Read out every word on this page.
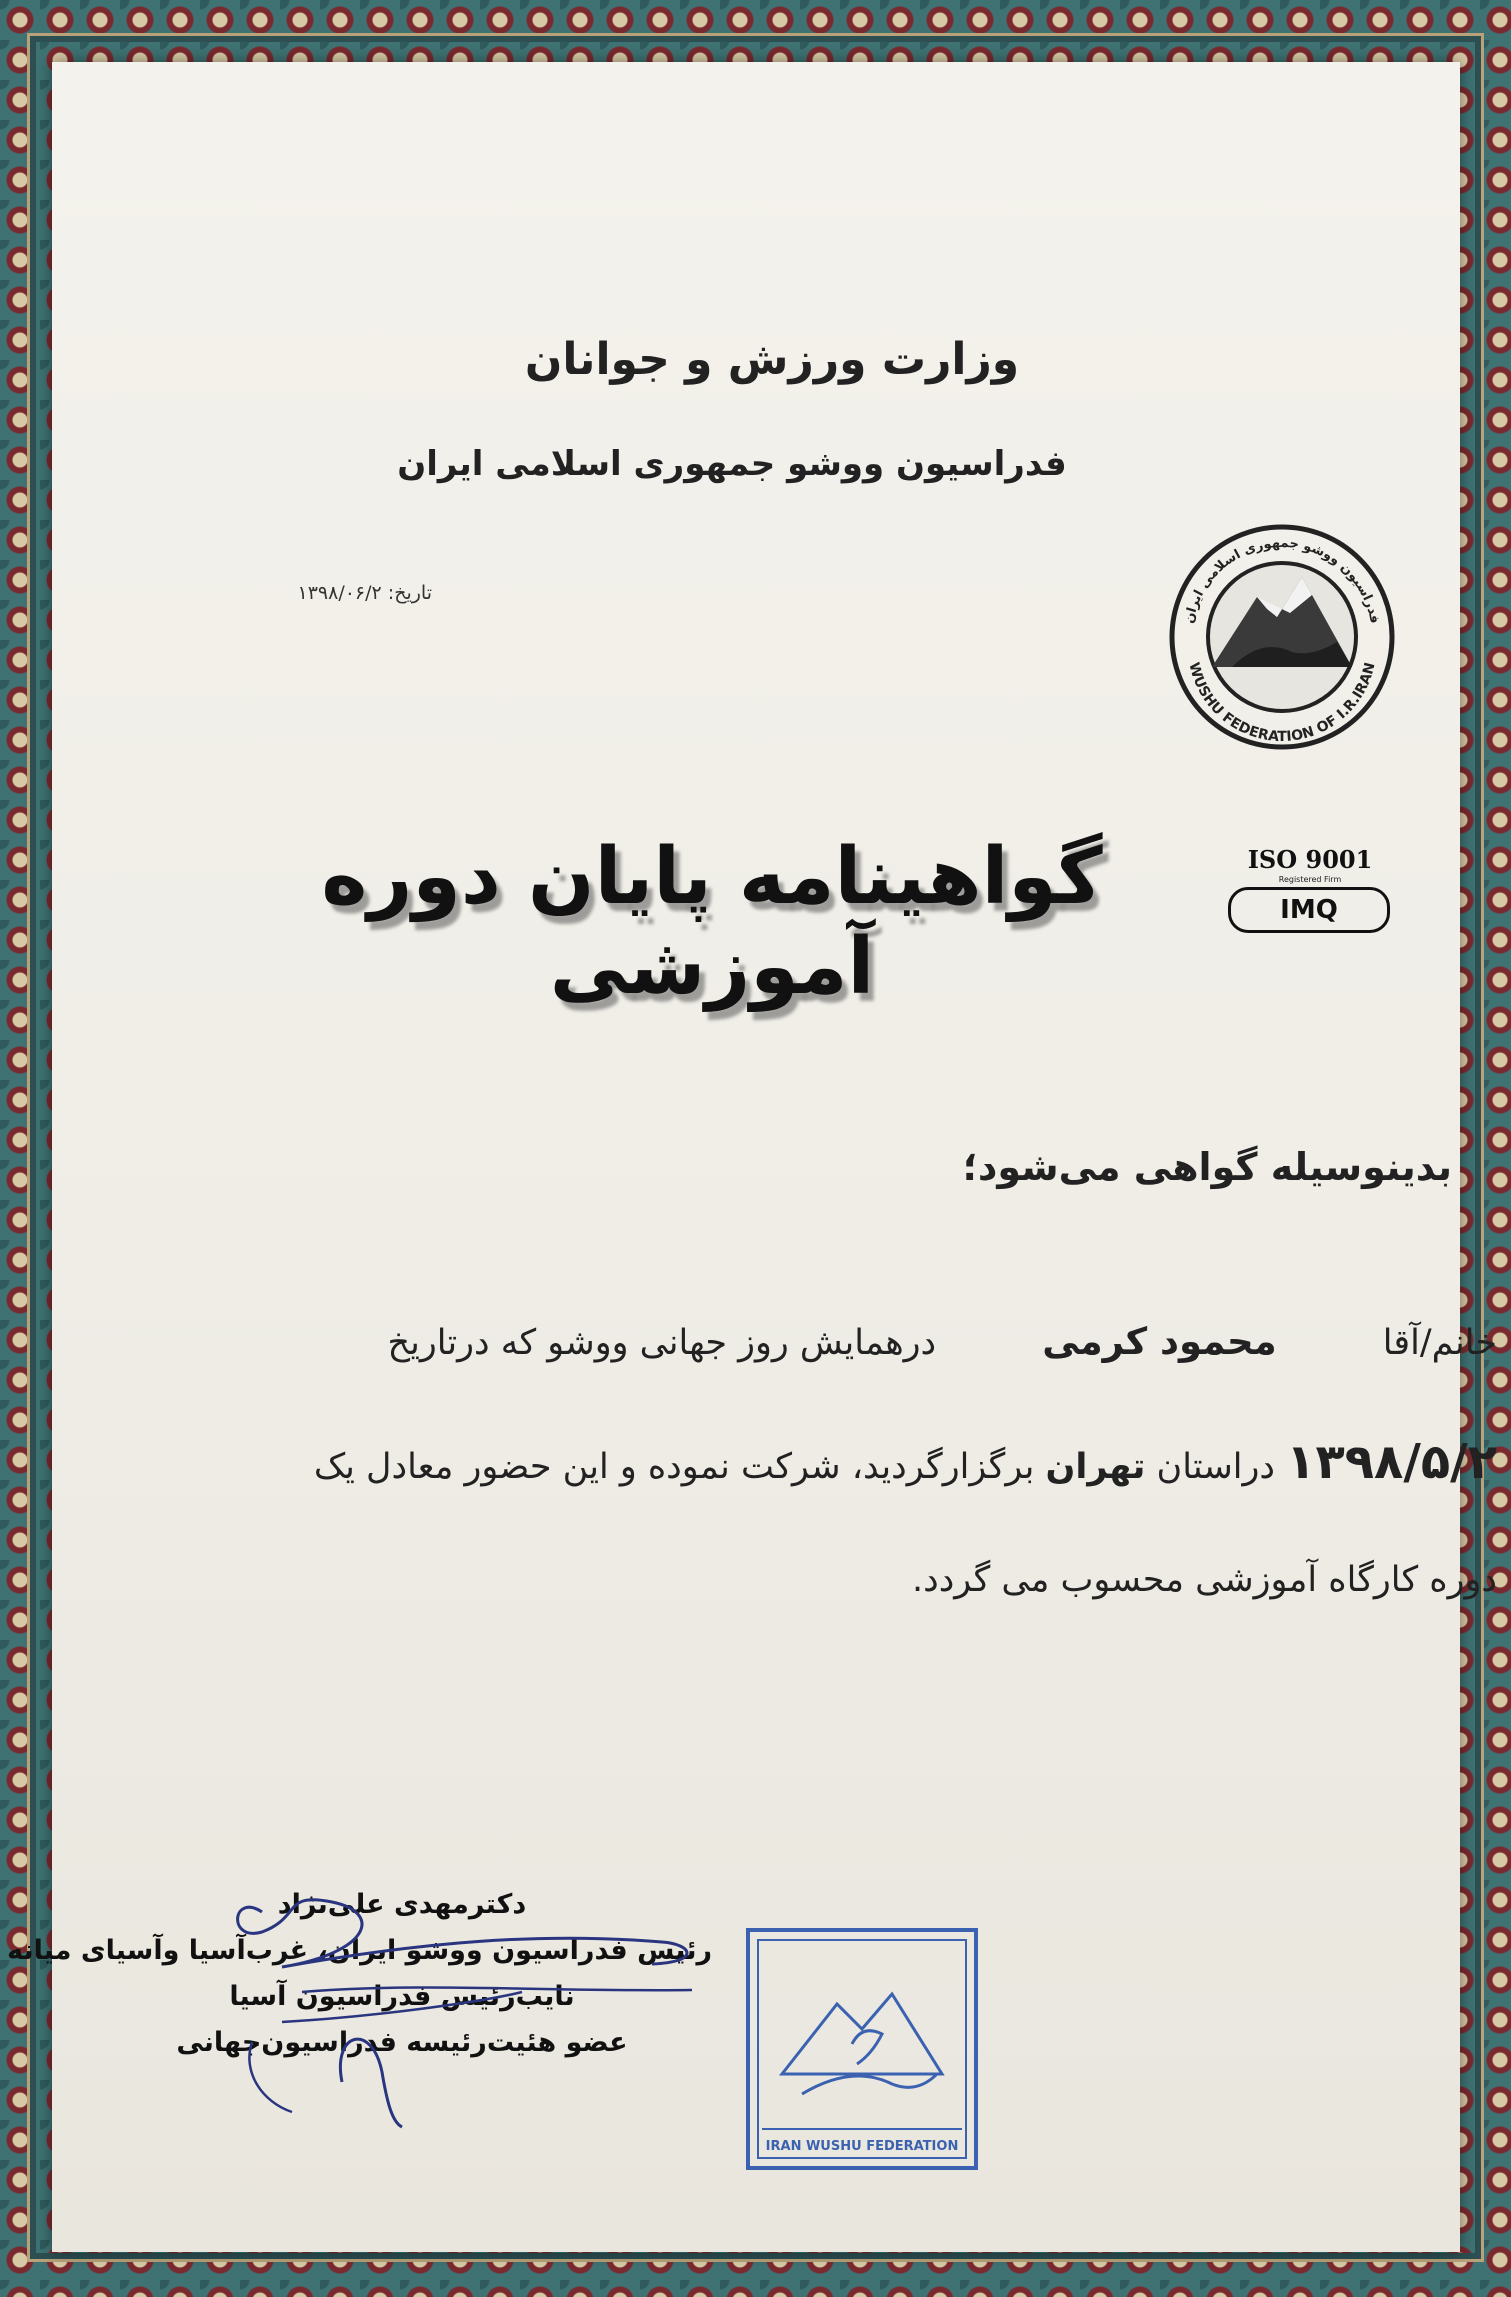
وزارت ورزش و جوانان
فدراسیون ووشو جمهوری اسلامی ایران
تاریخ: ۱۳۹۸/۰۶/۲
فدراسیون ووشو جمهوری اسلامی ایران
WUSHU FEDERATION OF I.R.IRAN
ISO 9001
Registered Firm
IMQ
گواهینامه پایان دوره آموزشی
بدینوسیله گواهی می‌شود؛
خانم/آقا محمود کرمی درهمایش روز جهانی ووشو که درتاریخ
۱۳۹۸/۵/۲ دراستان تهران برگزارگردید، شرکت نموده و این حضور معادل یک
دوره کارگاه آموزشی محسوب می گردد.
دکترمهدی علی‌نژاد
رئیس فدراسیون ووشو ایران، غرب‌آسیا وآسیای میانه
نایب‌رئیس فدراسیون آسیا
عضو هئیت‌رئیسه فدراسیون‌جهانی
IRAN WUSHU FEDERATION
